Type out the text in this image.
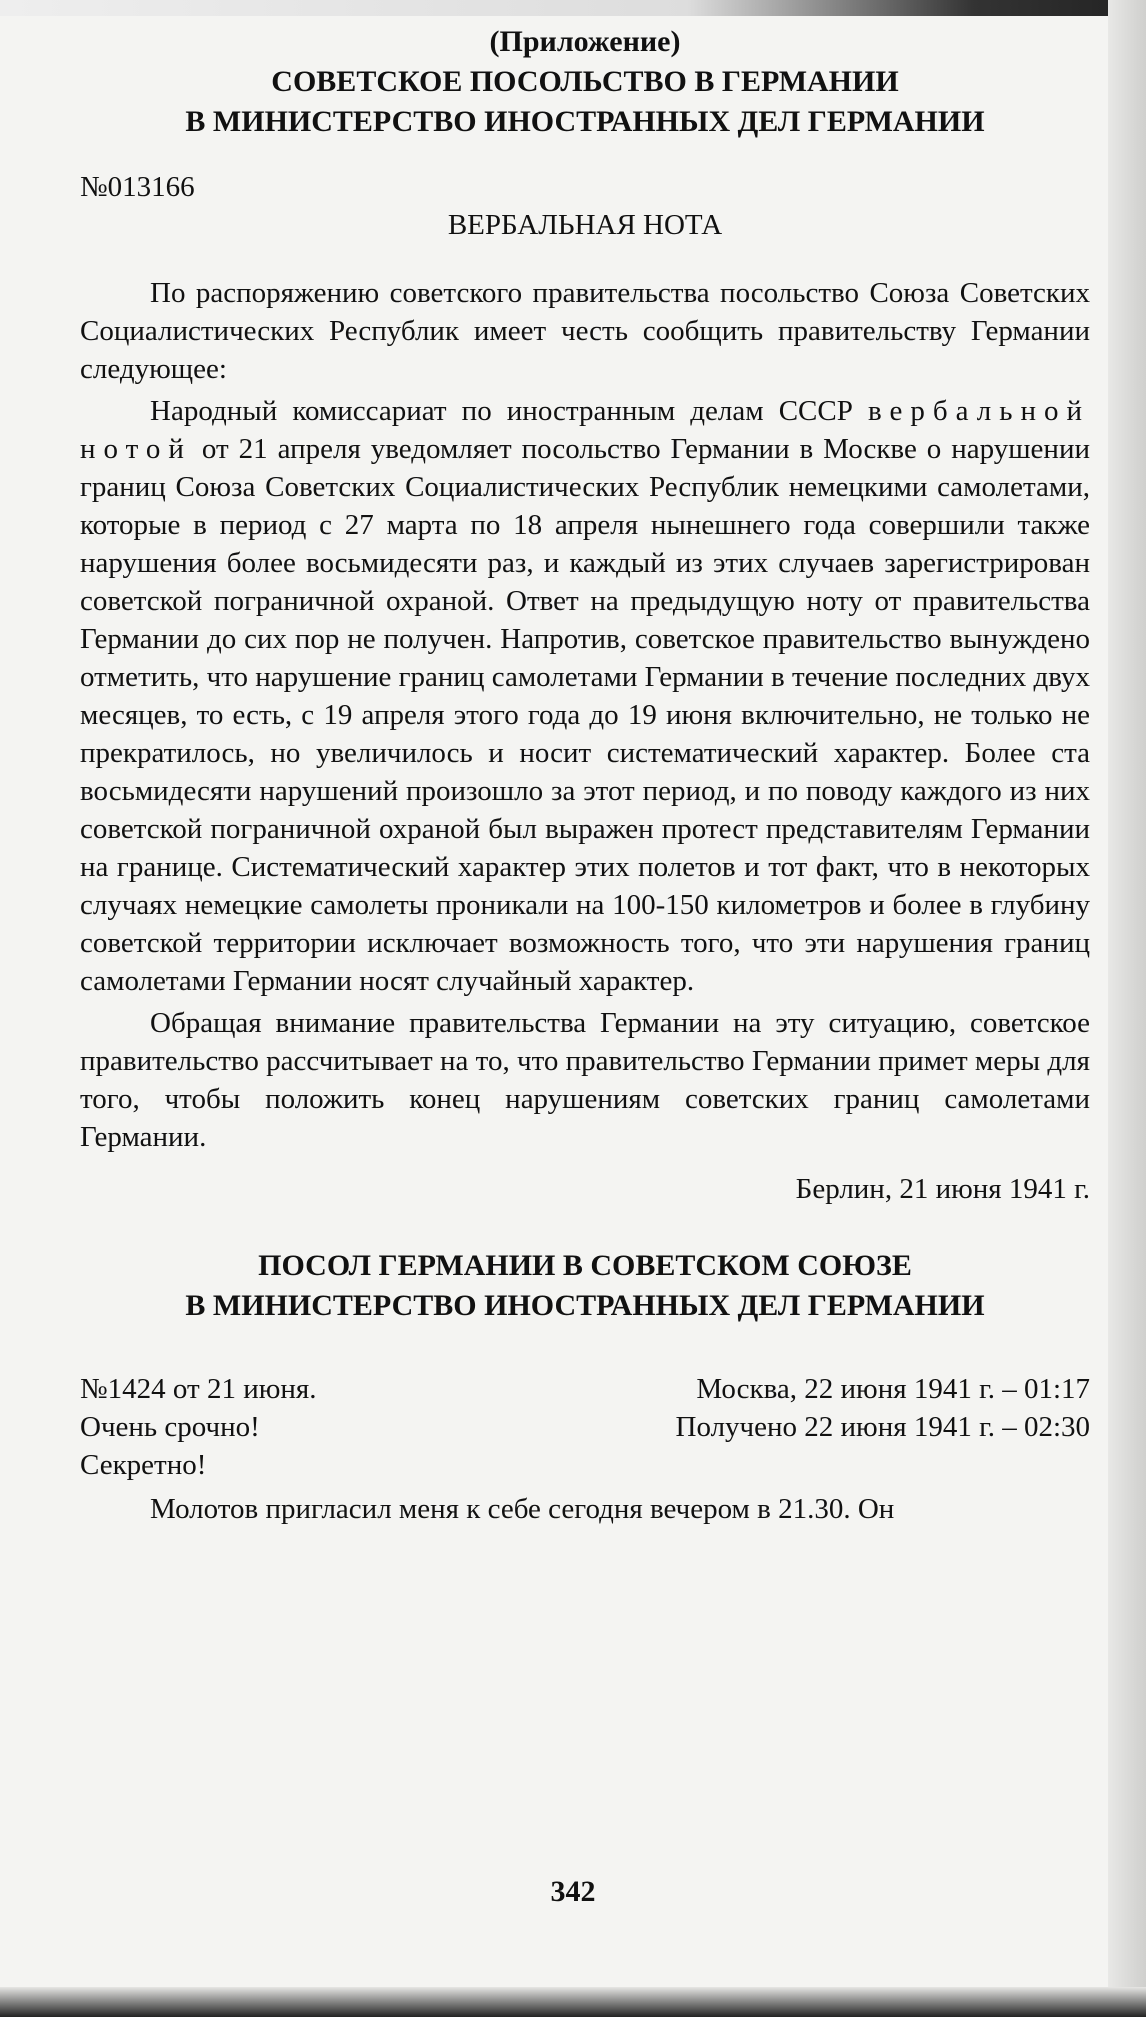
(Приложение)
СОВЕТСКОЕ ПОСОЛЬСТВО В ГЕРМАНИИ
В МИНИСТЕРСТВО ИНОСТРАННЫХ ДЕЛ ГЕРМАНИИ
№013166
ВЕРБАЛЬНАЯ НОТА

По распоряжению советского правительства посольство Союза Советских Социалистических Республик имеет честь сообщить правительству Германии следующее:

Народный комиссариат по иностранным делам СССР вербальной нотой от 21 апреля уведомляет посольство Германии в Москве о нарушении границ Союза Советских Социалистических Республик немецкими самолетами, которые в период с 27 марта по 18 апреля нынешнего года совершили также нарушения более восьмидесяти раз, и каждый из этих случаев зарегистрирован советской пограничной охраной. Ответ на предыдущую ноту от правительства Германии до сих пор не получен. Напротив, советское правительство вынуждено отметить, что нарушение границ самолетами Германии в течение последних двух месяцев, то есть, с 19 апреля этого года до 19 июня включительно, не только не прекратилось, но увеличилось и носит систематический характер. Более ста восьмидесяти нарушений произошло за этот период, и по поводу каждого из них советской пограничной охраной был выражен протест представителям Германии на границе. Систематический характер этих полетов и тот факт, что в некоторых случаях немецкие самолеты проникали на 100-150 километров и более в глубину советской территории исключает возможность того, что эти нарушения границ самолетами Германии носят случайный характер.

Обращая внимание правительства Германии на эту ситуацию, советское правительство рассчитывает на то, что правительство Германии примет меры для того, чтобы положить конец нарушениям советских границ самолетами Германии.

Берлин, 21 июня 1941 г.
ПОСОЛ ГЕРМАНИИ В СОВЕТСКОМ СОЮЗЕ
В МИНИСТЕРСТВО ИНОСТРАННЫХ ДЕЛ ГЕРМАНИИ
№1424 от 21 июня.	Москва, 22 июня 1941 г. – 01:17
Очень срочно!	Получено 22 июня 1941 г. – 02:30
Секретно!

Молотов пригласил меня к себе сегодня вечером в 21.30. Он

342
